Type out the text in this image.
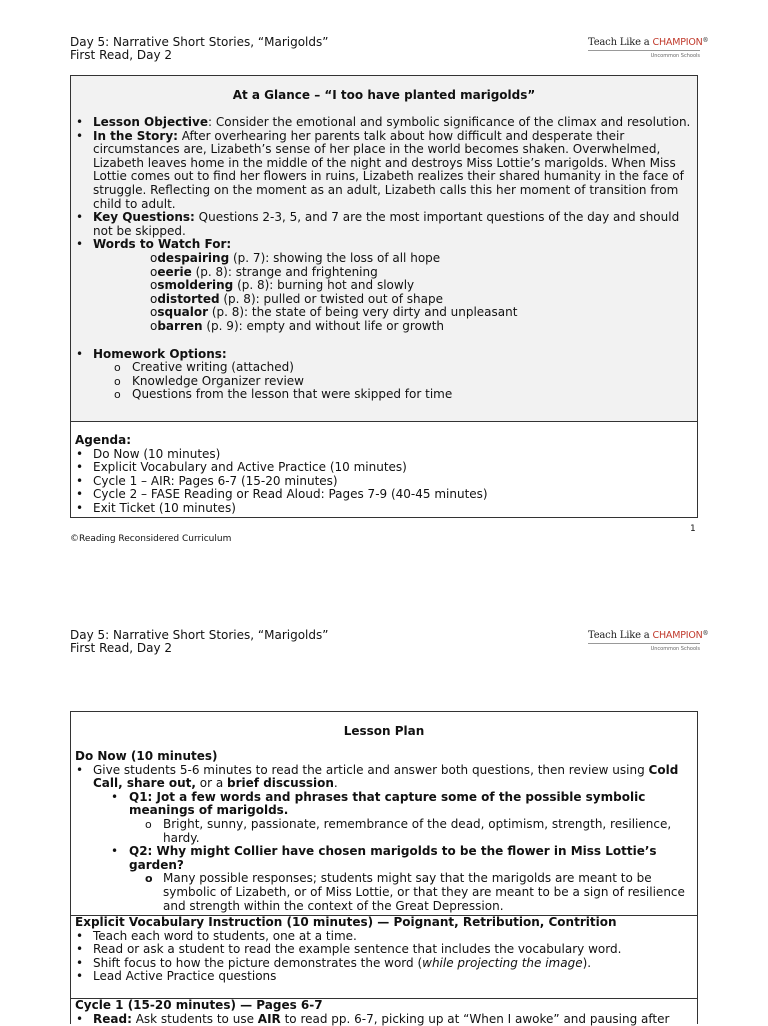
Day 5: Narrative Short Stories, “Marigolds”
First Read, Day 2
Teach Like a CHAMPION®
Uncommon Schools
At a Glance – “I too have planted marigolds”
• Lesson Objective: Consider the emotional and symbolic significance of the climax and resolution.
• In the Story: After overhearing her parents talk about how difficult and desperate their circumstances are, Lizabeth’s sense of her place in the world becomes shaken. Overwhelmed, Lizabeth leaves home in the middle of the night and destroys Miss Lottie’s marigolds. When Miss Lottie comes out to find her flowers in ruins, Lizabeth realizes their shared humanity in the face of struggle. Reflecting on the moment as an adult, Lizabeth calls this her moment of transition from child to adult.
• Key Questions: Questions 2-3, 5, and 7 are the most important questions of the day and should not be skipped.
• Words to Watch For:
odespairing (p. 7): showing the loss of all hope
oeerie (p. 8): strange and frightening
osmoldering (p. 8): burning hot and slowly
odistorted (p. 8): pulled or twisted out of shape
osqualor (p. 8): the state of being very dirty and unpleasant
obarren (p. 9): empty and without life or growth
• Homework Options:
o Creative writing (attached)
o Knowledge Organizer review
o Questions from the lesson that were skipped for time
Agenda:
• Do Now (10 minutes)
• Explicit Vocabulary and Active Practice (10 minutes)
• Cycle 1 – AIR: Pages 6-7 (15-20 minutes)
• Cycle 2 – FASE Reading or Read Aloud: Pages 7-9 (40-45 minutes)
• Exit Ticket (10 minutes)
1
©Reading Reconsidered Curriculum
Day 5: Narrative Short Stories, “Marigolds”
First Read, Day 2
Teach Like a CHAMPION®
Uncommon Schools
Lesson Plan
Do Now (10 minutes)
• Give students 5-6 minutes to read the article and answer both questions, then review using Cold Call, share out, or a brief discussion.
• Q1: Jot a few words and phrases that capture some of the possible symbolic meanings of marigolds.
o Bright, sunny, passionate, remembrance of the dead, optimism, strength, resilience, hardy.
• Q2: Why might Collier have chosen marigolds to be the flower in Miss Lottie’s garden?
o Many possible responses; students might say that the marigolds are meant to be symbolic of Lizabeth, or of Miss Lottie, or that they are meant to be a sign of resilience and strength within the context of the Great Depression.
Explicit Vocabulary Instruction (10 minutes) — Poignant, Retribution, Contrition
• Teach each word to students, one at a time.
• Read or ask a student to read the example sentence that includes the vocabulary word.
• Shift focus to how the picture demonstrates the word (while projecting the image).
• Lead Active Practice questions
Cycle 1 (15-20 minutes) — Pages 6-7
• Read: Ask students to use AIR to read pp. 6-7, picking up at “When I awoke” and pausing after
